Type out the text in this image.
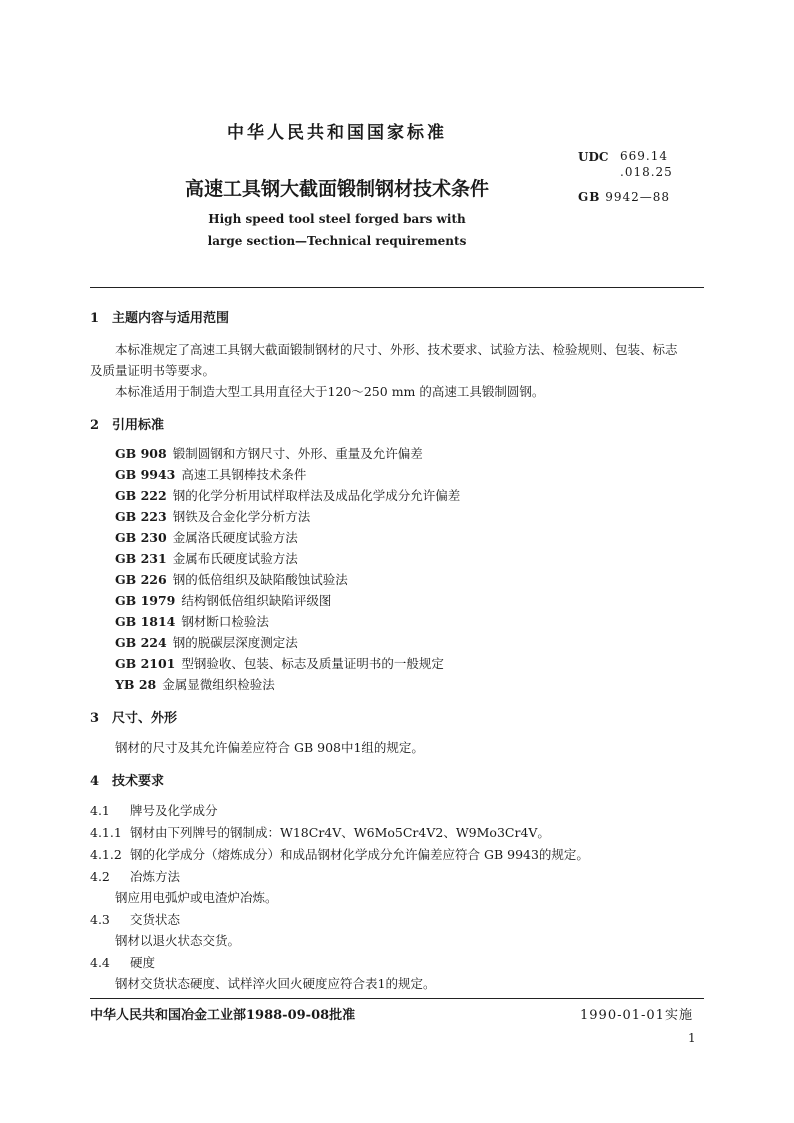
中华人民共和国国家标准
UDC 669.14
.018.25
GB 9942—88
高速工具钢大截面锻制钢材技术条件
High speed tool steel forged bars with
large section—Technical requirements
1 主题内容与适用范围
本标准规定了高速工具钢大截面锻制钢材的尺寸、外形、技术要求、试验方法、检验规则、包装、标志
及质量证明书等要求。
本标准适用于制造大型工具用直径大于120～250 mm 的高速工具锻制圆钢。
2 引用标准
GB 908 锻制圆钢和方钢尺寸、外形、重量及允许偏差
GB 9943 高速工具钢棒技术条件
GB 222 钢的化学分析用试样取样法及成品化学成分允许偏差
GB 223 钢铁及合金化学分析方法
GB 230 金属洛氏硬度试验方法
GB 231 金属布氏硬度试验方法
GB 226 钢的低倍组织及缺陷酸蚀试验法
GB 1979 结构钢低倍组织缺陷评级图
GB 1814 钢材断口检验法
GB 224 钢的脱碳层深度测定法
GB 2101 型钢验收、包装、标志及质量证明书的一般规定
YB 28 金属显微组织检验法
3 尺寸、外形
钢材的尺寸及其允许偏差应符合 GB 908中1组的规定。
4 技术要求
4.1 牌号及化学成分
4.1.1 钢材由下列牌号的钢制成：W18Cr4V、W6Mo5Cr4V2、W9Mo3Cr4V。
4.1.2 钢的化学成分（熔炼成分）和成品钢材化学成分允许偏差应符合 GB 9943的规定。
4.2 冶炼方法
钢应用电弧炉或电渣炉冶炼。
4.3 交货状态
钢材以退火状态交货。
4.4 硬度
钢材交货状态硬度、试样淬火回火硬度应符合表1的规定。
中华人民共和国冶金工业部1988-09-08批准	1990-01-01实施
1
